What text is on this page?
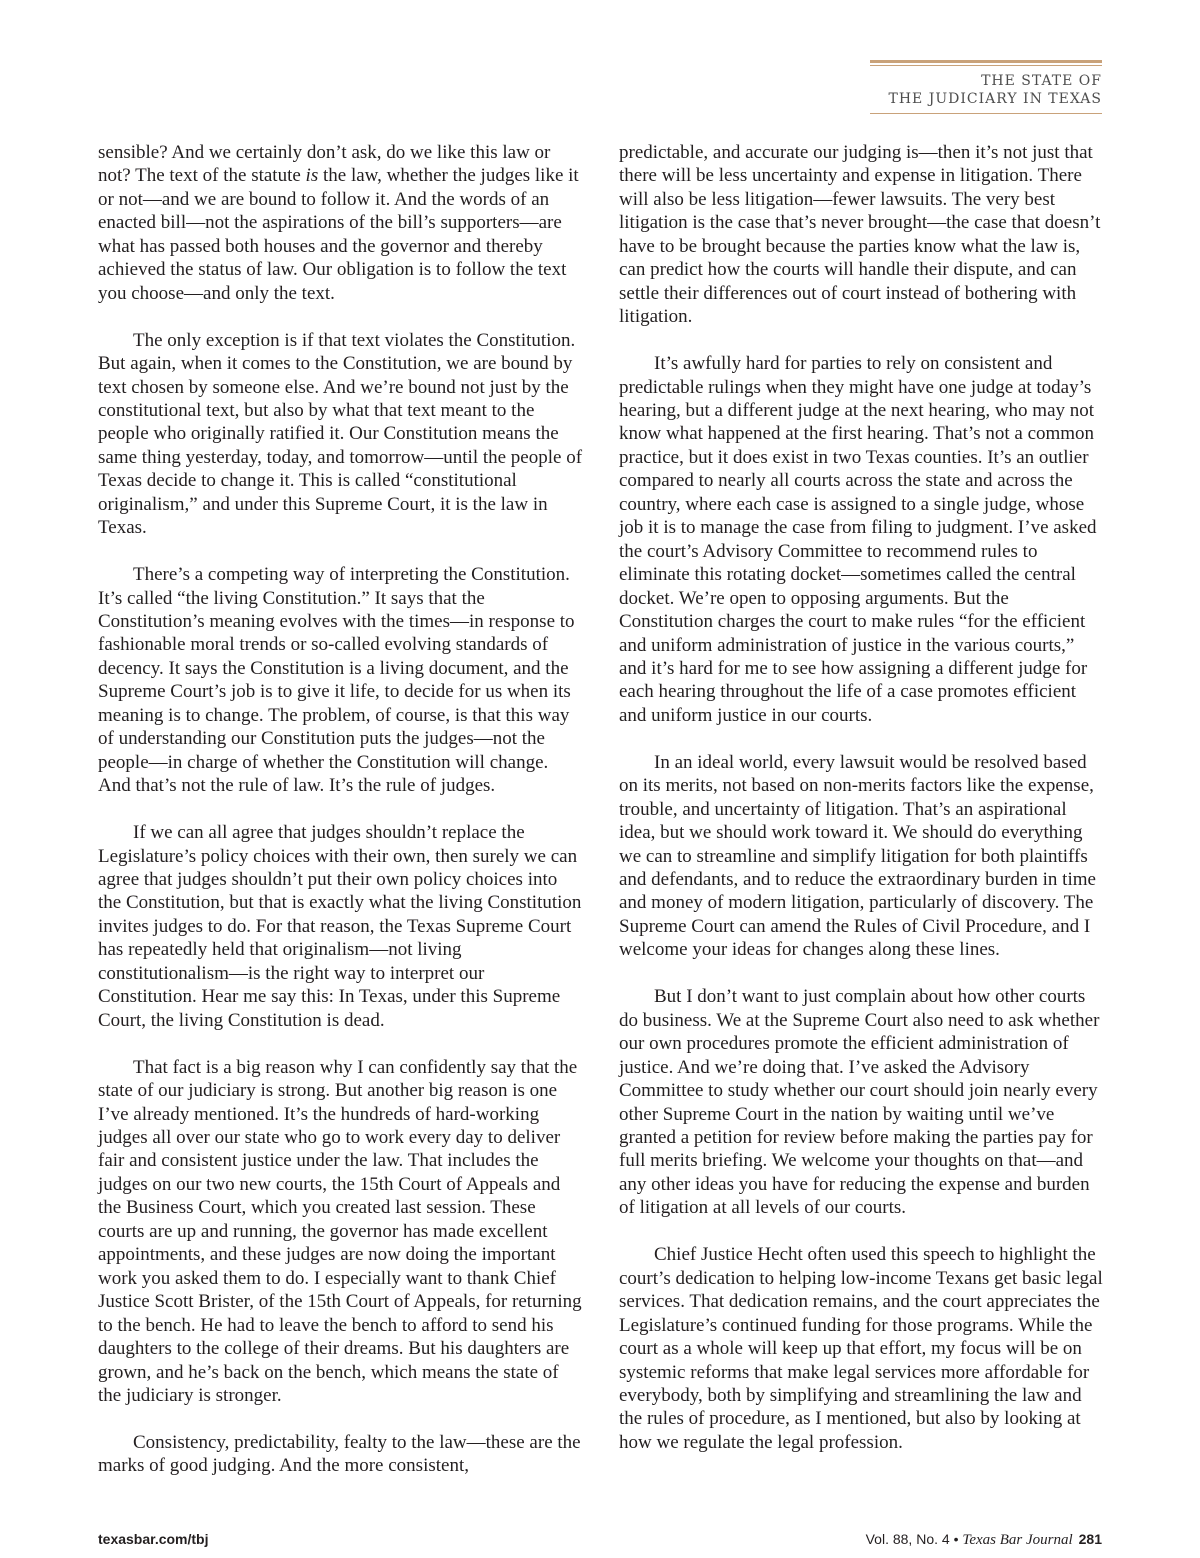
THE STATE OF
THE JUDICIARY IN TEXAS

sensible? And we certainly don’t ask, do we like this law or not? The text of the statute is the law, whether the judges like it or not—and we are bound to follow it. And the words of an enacted bill—not the aspirations of the bill’s supporters—are what has passed both houses and the governor and thereby achieved the status of law. Our obligation is to follow the text you choose—and only the text.

The only exception is if that text violates the Constitution. But again, when it comes to the Constitution, we are bound by text chosen by someone else. And we’re bound not just by the constitutional text, but also by what that text meant to the people who originally ratified it. Our Constitution means the same thing yesterday, today, and tomorrow—until the people of Texas decide to change it. This is called “constitutional originalism,” and under this Supreme Court, it is the law in Texas.

There’s a competing way of interpreting the Constitution. It’s called “the living Constitution.” It says that the Constitution’s meaning evolves with the times—in response to fashionable moral trends or so-called evolving standards of decency. It says the Constitution is a living document, and the Supreme Court’s job is to give it life, to decide for us when its meaning is to change. The problem, of course, is that this way of understanding our Constitution puts the judges—not the people—in charge of whether the Constitution will change. And that’s not the rule of law. It’s the rule of judges.

If we can all agree that judges shouldn’t replace the Legislature’s policy choices with their own, then surely we can agree that judges shouldn’t put their own policy choices into the Constitution, but that is exactly what the living Constitution invites judges to do. For that reason, the Texas Supreme Court has repeatedly held that originalism—not living constitutionalism—is the right way to interpret our Constitution. Hear me say this: In Texas, under this Supreme Court, the living Constitution is dead.

That fact is a big reason why I can confidently say that the state of our judiciary is strong. But another big reason is one I’ve already mentioned. It’s the hundreds of hard-working judges all over our state who go to work every day to deliver fair and consistent justice under the law. That includes the judges on our two new courts, the 15th Court of Appeals and the Business Court, which you created last session. These courts are up and running, the governor has made excellent appointments, and these judges are now doing the important work you asked them to do. I especially want to thank Chief Justice Scott Brister, of the 15th Court of Appeals, for returning to the bench. He had to leave the bench to afford to send his daughters to the college of their dreams. But his daughters are grown, and he’s back on the bench, which means the state of the judiciary is stronger.

Consistency, predictability, fealty to the law—these are the marks of good judging. And the more consistent,

predictable, and accurate our judging is—then it’s not just that there will be less uncertainty and expense in litigation. There will also be less litigation—fewer lawsuits. The very best litigation is the case that’s never brought—the case that doesn’t have to be brought because the parties know what the law is, can predict how the courts will handle their dispute, and can settle their differences out of court instead of bothering with litigation.

It’s awfully hard for parties to rely on consistent and predictable rulings when they might have one judge at today’s hearing, but a different judge at the next hearing, who may not know what happened at the first hearing. That’s not a common practice, but it does exist in two Texas counties. It’s an outlier compared to nearly all courts across the state and across the country, where each case is assigned to a single judge, whose job it is to manage the case from filing to judgment. I’ve asked the court’s Advisory Committee to recommend rules to eliminate this rotating docket—sometimes called the central docket. We’re open to opposing arguments. But the Constitution charges the court to make rules “for the efficient and uniform administration of justice in the various courts,” and it’s hard for me to see how assigning a different judge for each hearing throughout the life of a case promotes efficient and uniform justice in our courts.

In an ideal world, every lawsuit would be resolved based on its merits, not based on non-merits factors like the expense, trouble, and uncertainty of litigation. That’s an aspirational idea, but we should work toward it. We should do everything we can to streamline and simplify litigation for both plaintiffs and defendants, and to reduce the extraordinary burden in time and money of modern litigation, particularly of discovery. The Supreme Court can amend the Rules of Civil Procedure, and I welcome your ideas for changes along these lines.

But I don’t want to just complain about how other courts do business. We at the Supreme Court also need to ask whether our own procedures promote the efficient administration of justice. And we’re doing that. I’ve asked the Advisory Committee to study whether our court should join nearly every other Supreme Court in the nation by waiting until we’ve granted a petition for review before making the parties pay for full merits briefing. We welcome your thoughts on that—and any other ideas you have for reducing the expense and burden of litigation at all levels of our courts.

Chief Justice Hecht often used this speech to highlight the court’s dedication to helping low-income Texans get basic legal services. That dedication remains, and the court appreciates the Legislature’s continued funding for those programs. While the court as a whole will keep up that effort, my focus will be on systemic reforms that make legal services more affordable for everybody, both by simplifying and streamlining the law and the rules of procedure, as I mentioned, but also by looking at how we regulate the legal profession.

texasbar.com/tbj	Vol. 88, No. 4 • Texas Bar Journal 281
